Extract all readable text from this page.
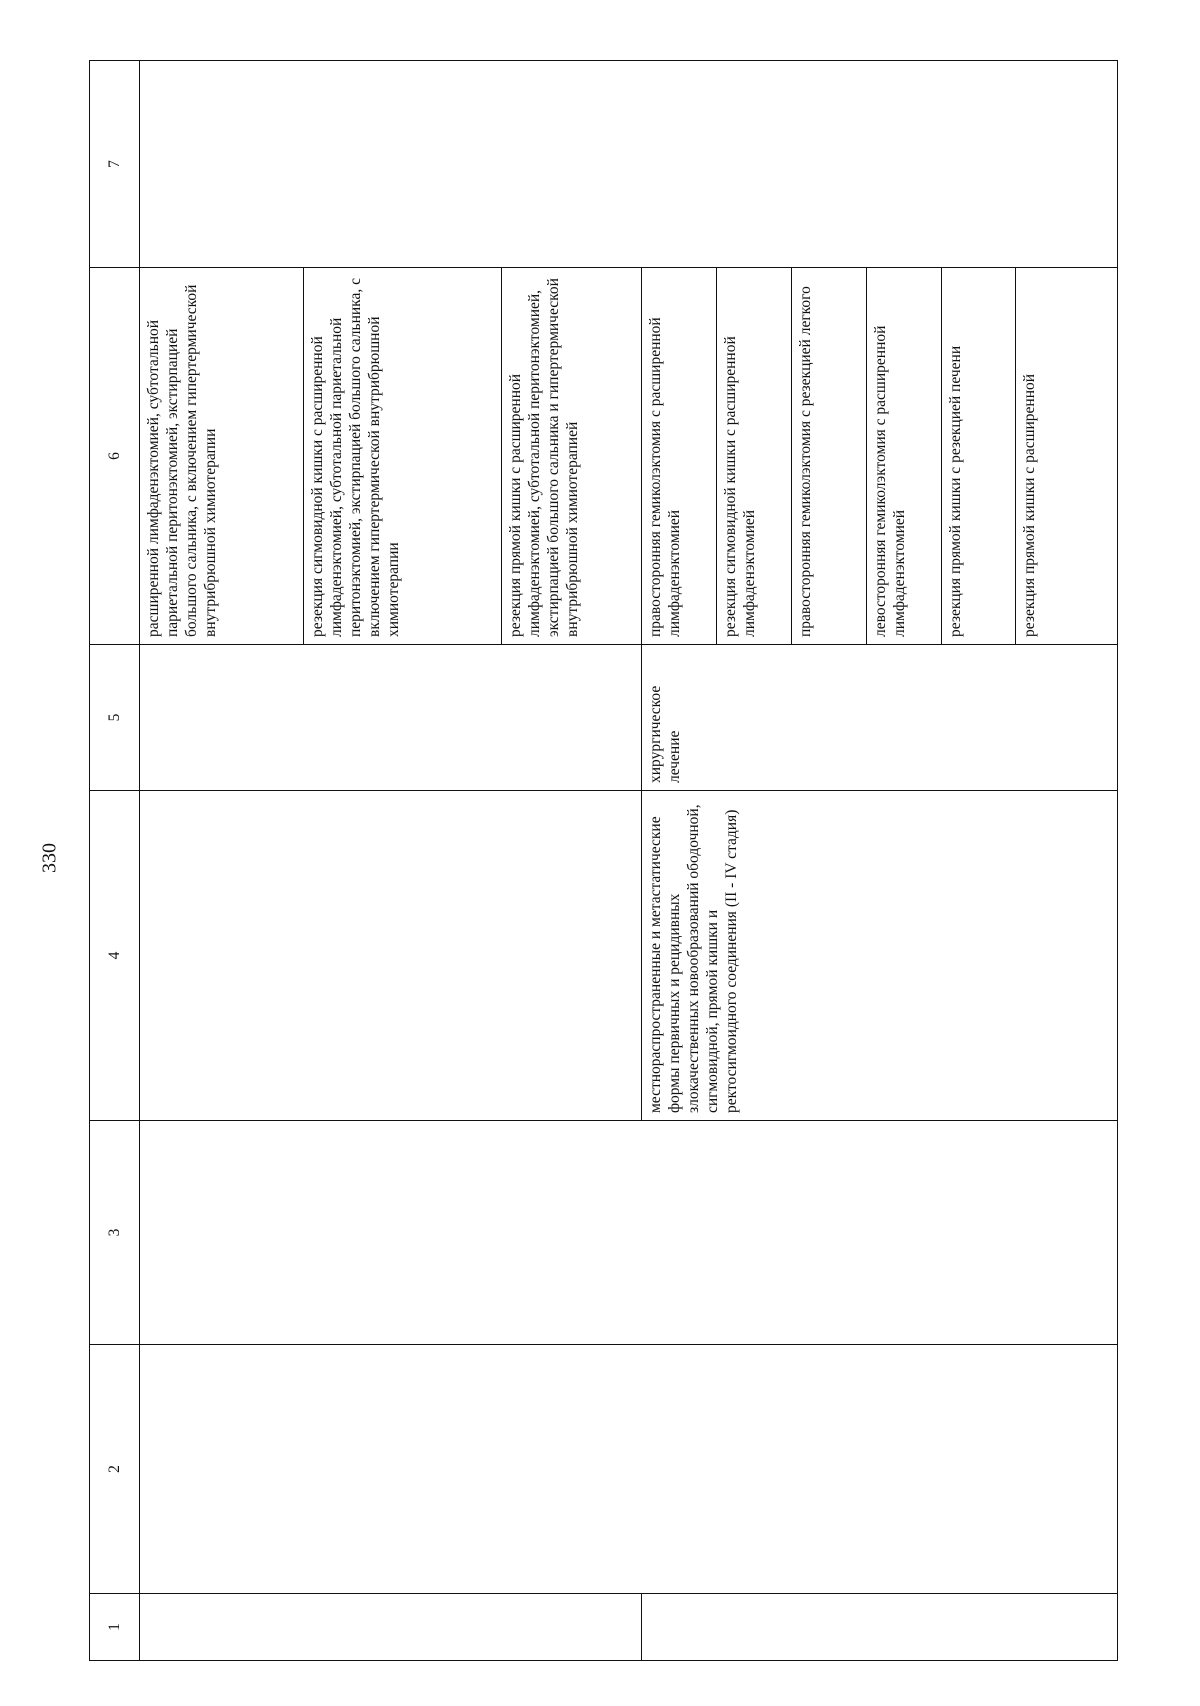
330
1	2	3	4	5	6	7
					расширенной лимфаденэктомией, субтотальной париетальной перитонэктомией, экстирпацией большого сальника, с включением гипертермической внутрибрюшной химиотерапии	
					резекция сигмовидной кишки с расширенной лимфаденэктомией, субтотальной париетальной перитонэктомией, экстирпацией большого сальника, с включением гипертермической внутрибрюшной химиотерапии	
					резекция прямой кишки с расширенной лимфаденэктомией, субтотальной перитонэктомией, экстирпацией большого сальника и гипертермической внутрибрюшной химиотерапией	
			местнораспространенные и метастатические формы первичных и рецидивных злокачественных новообразований ободочной, сигмовидной, прямой кишки и ректосигмоидного соединения (II - IV стадия)	хирургическое лечение	правосторонняя гемиколэктомия с расширенной лимфаденэктомией	
					резекция сигмовидной кишки с расширенной лимфаденэктомией	
					правосторонняя гемиколэктомия с резекцией легкого	
					левосторонняя гемиколэктомия с расширенной лимфаденэктомией	
					резекция прямой кишки с резекцией печени	
					резекция прямой кишки с расширенной	
